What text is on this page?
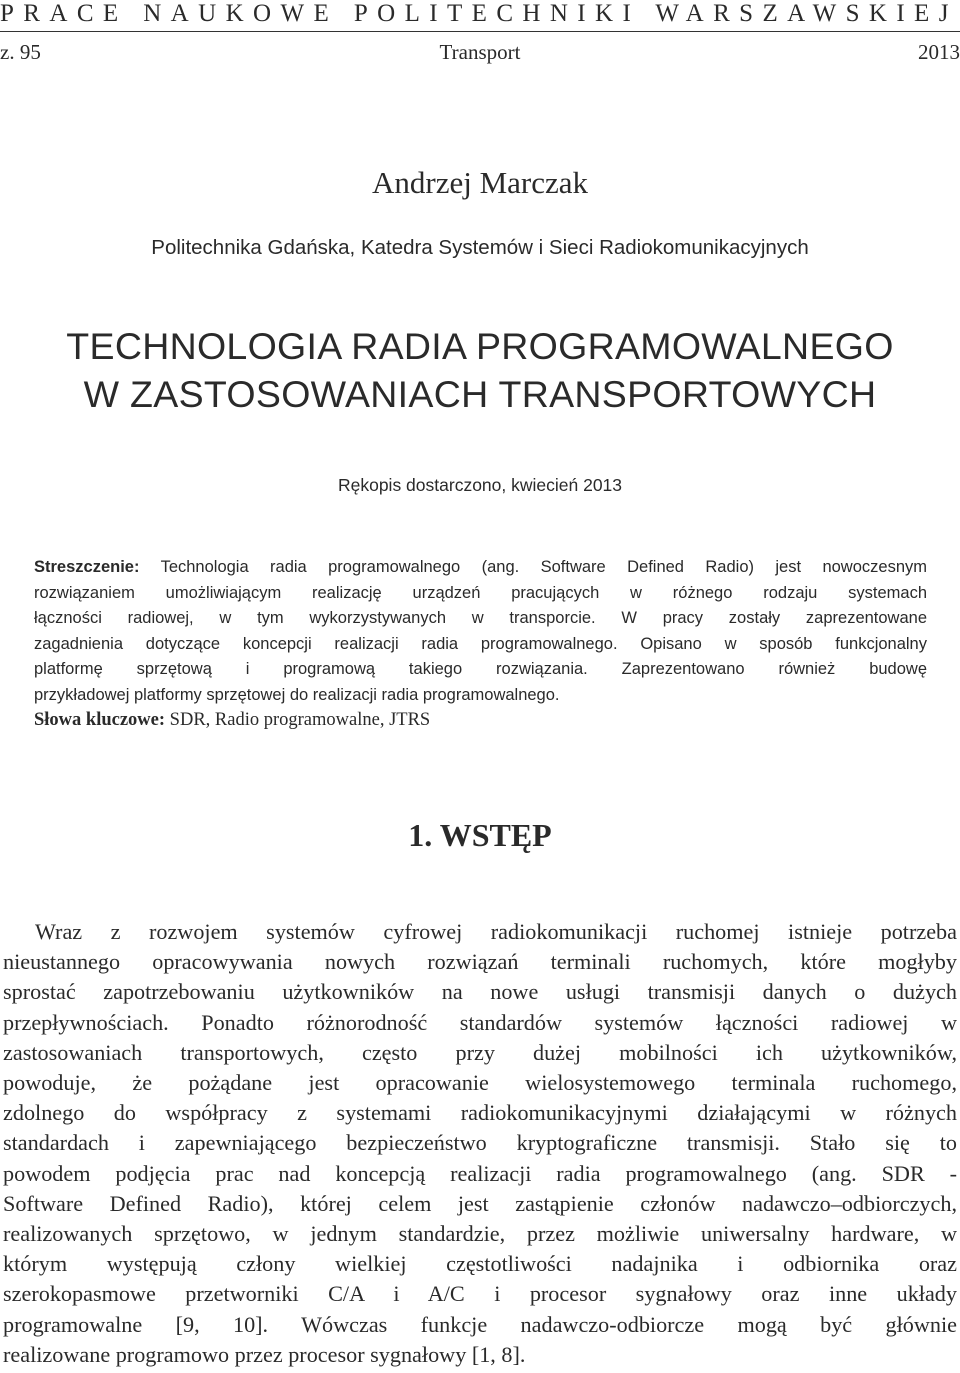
PRACE NAUKOWE POLITECHNIKI WARSZAWSKIEJ
z. 95	Transport	2013
Andrzej Marczak
Politechnika Gdańska, Katedra Systemów i Sieci Radiokomunikacyjnych
TECHNOLOGIA RADIA PROGRAMOWALNEGO
W ZASTOSOWANIACH TRANSPORTOWYCH
Rękopis dostarczono, kwiecień 2013
Streszczenie: Technologia radia programowalnego (ang. Software Defined Radio) jest nowoczesnym
rozwiązaniem umożliwiającym realizację urządzeń pracujących w różnego rodzaju systemach
łączności radiowej, w tym wykorzystywanych w transporcie. W pracy zostały zaprezentowane
zagadnienia dotyczące koncepcji realizacji radia programowalnego. Opisano w sposób funkcjonalny
platformę sprzętową i programową takiego rozwiązania. Zaprezentowano również budowę
przykładowej platformy sprzętowej do realizacji radia programowalnego.
Słowa kluczowe: SDR, Radio programowalne, JTRS
1. WSTĘP
Wraz z rozwojem systemów cyfrowej radiokomunikacji ruchomej istnieje potrzeba
nieustannego opracowywania nowych rozwiązań terminali ruchomych, które mogłyby
sprostać zapotrzebowaniu użytkowników na nowe usługi transmisji danych o dużych
przepływnościach. Ponadto różnorodność standardów systemów łączności radiowej w
zastosowaniach transportowych, często przy dużej mobilności ich użytkowników,
powoduje, że pożądane jest opracowanie wielosystemowego terminala ruchomego,
zdolnego do współpracy z systemami radiokomunikacyjnymi działającymi w różnych
standardach i zapewniającego bezpieczeństwo kryptograficzne transmisji. Stało się to
powodem podjęcia prac nad koncepcją realizacji radia programowalnego (ang. SDR -
Software Defined Radio), której celem jest zastąpienie członów nadawczo–odbiorczych,
realizowanych sprzętowo, w jednym standardzie, przez możliwie uniwersalny hardware, w
którym występują człony wielkiej częstotliwości nadajnika i odbiornika oraz
szerokopasmowe przetworniki C/A i A/C i procesor sygnałowy oraz inne układy
programowalne [9, 10]. Wówczas funkcje nadawczo-odbiorcze mogą być głównie
realizowane programowo przez procesor sygnałowy [1, 8].
